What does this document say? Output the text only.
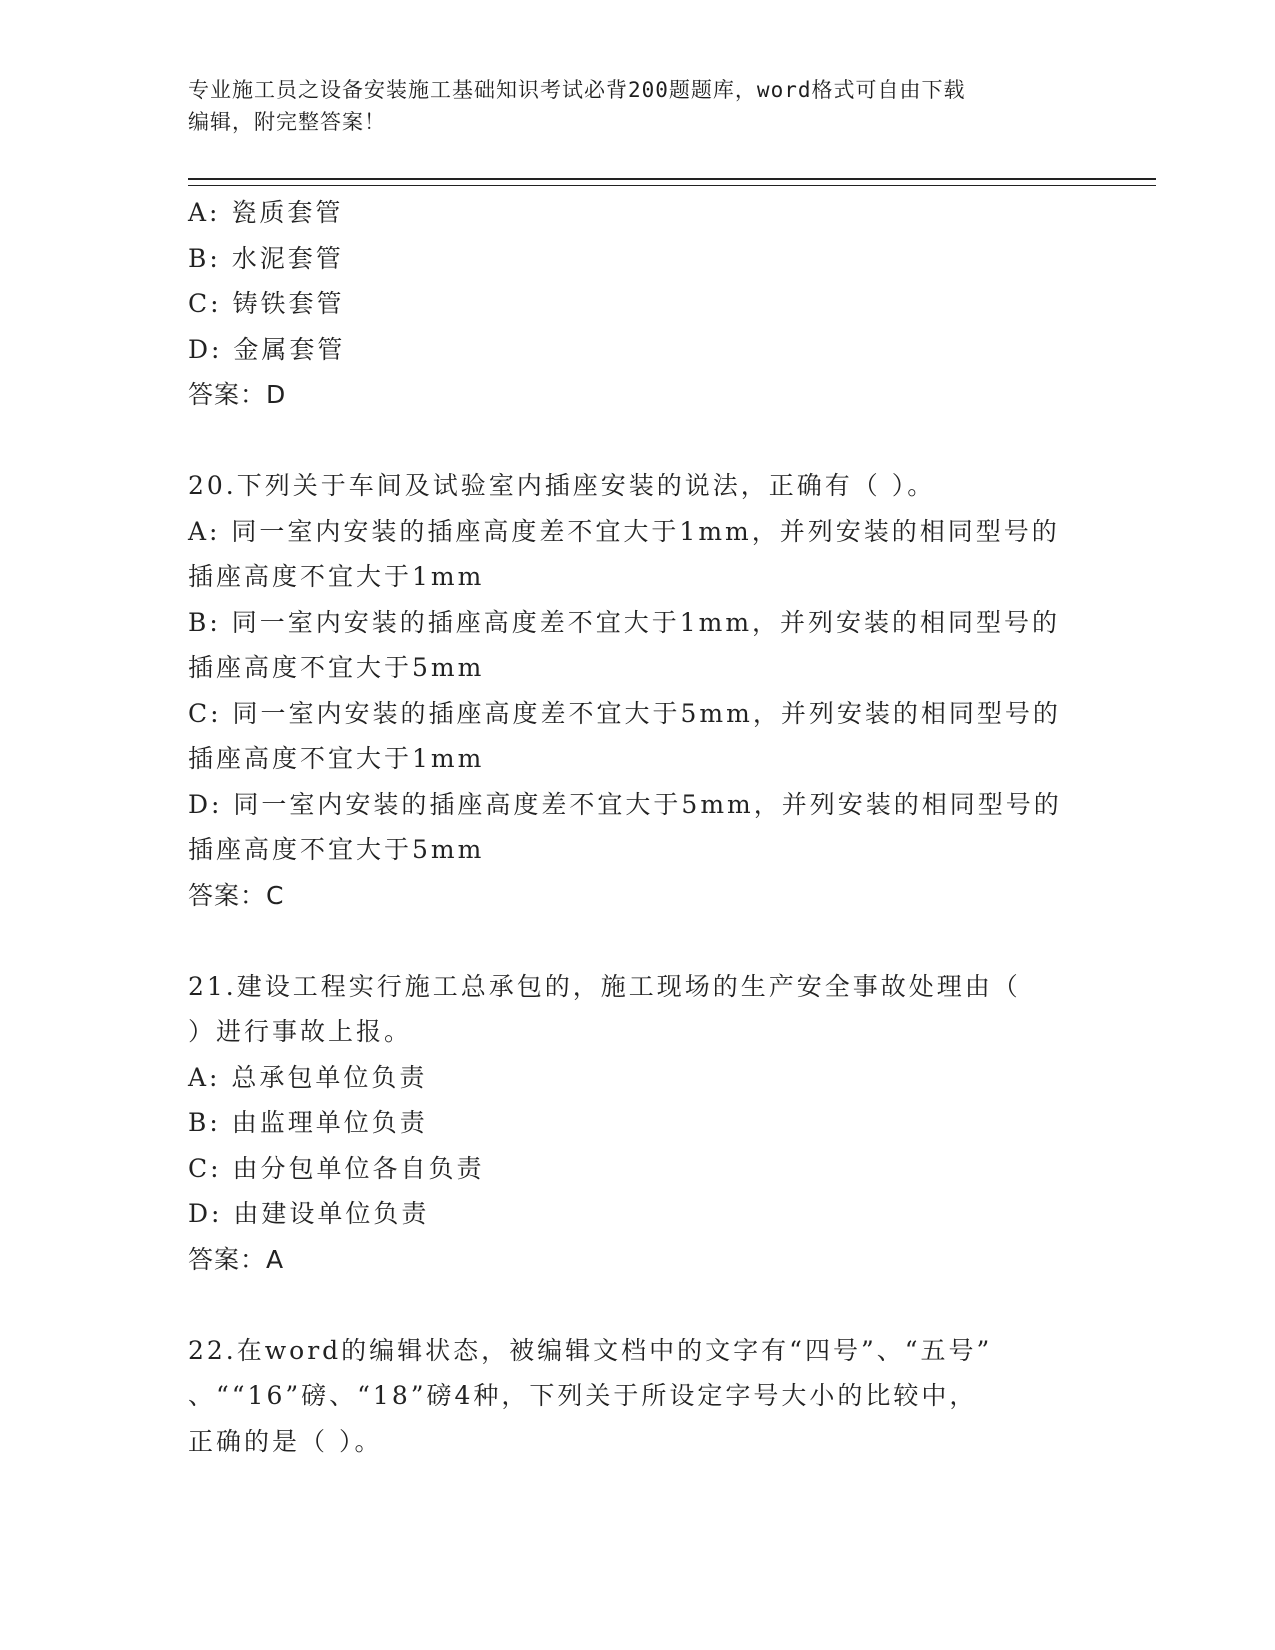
专业施工员之设备安装施工基础知识考试必背200题题库，word格式可自由下载
编辑，附完整答案！
A: 瓷质套管
B: 水泥套管
C: 铸铁套管
D: 金属套管
答案：D
20.下列关于车间及试验室内插座安装的说法，正确有（ ）。
A: 同一室内安装的插座高度差不宜大于1mm，并列安装的相同型号的
插座高度不宜大于1mm
B: 同一室内安装的插座高度差不宜大于1mm，并列安装的相同型号的
插座高度不宜大于5mm
C: 同一室内安装的插座高度差不宜大于5mm，并列安装的相同型号的
插座高度不宜大于1mm
D: 同一室内安装的插座高度差不宜大于5mm，并列安装的相同型号的
插座高度不宜大于5mm
答案：C
21.建设工程实行施工总承包的，施工现场的生产安全事故处理由（
）进行事故上报。
A: 总承包单位负责
B: 由监理单位负责
C: 由分包单位各自负责
D: 由建设单位负责
答案：A
22.在word的编辑状态，被编辑文档中的文字有“四号”、“五号”
、““16”磅、“18”磅4种，下列关于所设定字号大小的比较中，
正确的是（ ）。
